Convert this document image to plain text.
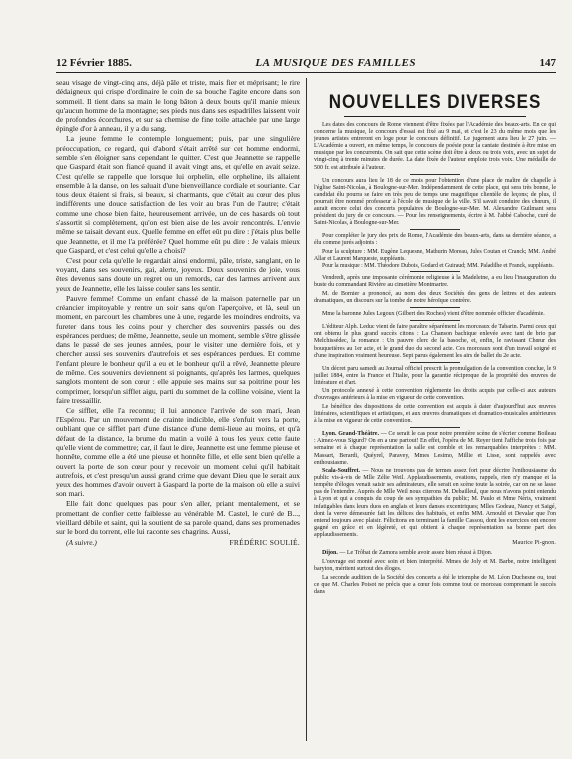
12 Février 1885.	LA MUSIQUE DES FAMILLES	147

seau visage de vingt-cinq ans, déjà pâle et triste, mais fier et méprisant; le rire dédaigneux qui crispe d'ordinaire le coin de sa bouche l'agite encore dans son sommeil. Il tient dans sa main le long bâton à deux bouts qu'il manie mieux qu'aucun homme de la montagne; ses pieds nus dans ses espadrilles laissent voir de profondes écorchures, et sur sa chemise de fine toile attachée par une large épingle d'or à anneau, il y a du sang.

La jeune femme le contemple longuement; puis, par une singulière préoccupation, ce regard, qui d'abord s'était arrêté sur cet homme endormi, semble s'en éloigner sans cependant le quitter. C'est que Jeannette se rappelle que Gaspard était son fiancé quand il avait vingt ans, et qu'elle en avait seize. C'est qu'elle se rappelle que lorsque lui orphelin, elle orpheline, ils allaient ensemble à la danse, on les saluait d'une bienveillance cordiale et souriante. Car tous deux étaient si frais, si beaux, si charmants, que c'était au cœur des plus indifférents une douce satisfaction de les voir au bras l'un de l'autre; c'était comme une chose bien faite, heureusement arrivée, un de ces hasards où tout s'assortit si complètement, qu'on est bien aise de les avoir rencontrés. L'envie même se taisait devant eux. Quelle femme en effet eût pu dire : j'étais plus belle que Jeannette, et il me l'a préférée? Quel homme eût pu dire : Je valais mieux que Gaspard, et c'est celui qu'elle a choisi?

C'est pour cela qu'elle le regardait ainsi endormi, pâle, triste, sanglant, en le voyant, dans ses souvenirs, gai, alerte, joyeux. Doux souvenirs de joie, vous êtes devenus sans doute un regret ou un remords, car des larmes arrivent aux yeux de Jeannette, elle les laisse couler sans les sentir.

Pauvre femme! Comme un enfant chassé de la maison paternelle par un créancier impitoyable y rentre un soir sans qu'on l'aperçoive, et là, seul un moment, en parcourt les chambres une à une, regarde les moindres endroits, va fureter dans tous les coins pour y chercher des souvenirs passés ou des espérances perdues; de même, Jeannette, seule un moment, semble s'être glissée dans le passé de ses jeunes années, pour le visiter une dernière fois, et y chercher aussi ses souvenirs d'autrefois et ses espérances perdues. Et comme l'enfant pleure le bonheur qu'il a eu et le bonheur qu'il a rêvé, Jeannette pleure de même. Ces souvenirs deviennent si poignants, qu'après les larmes, quelques sanglots montent de son cœur : elle appuie ses mains sur sa poitrine pour les comprimer, lorsqu'un sifflet aigu, parti du sommet de la colline voisine, vient la faire tressaillir.

Ce sifflet, elle l'a reconnu; il lui annonce l'arrivée de son mari, Jean l'Espérou. Par un mouvement de crainte indicible, elle s'enfuit vers la porte, oubliant que ce sifflet part d'une distance d'une demi-lieue au moins, et qu'à défaut de la distance, la brume du matin a voilé à tous les yeux cette faute qu'elle vient de commettre; car, il faut le dire, Jeannette est une femme pieuse et honnête, comme elle a été une pieuse et honnête fille, et elle sent bien qu'elle a ouvert la porte de son cœur pour y recevoir un moment celui qu'il habitait autrefois, et c'est presqu'un aussi grand crime que devant Dieu que le serait aux yeux des hommes d'avoir ouvert à Gaspard la porte de la maison où elle a suivi son mari.

Elle fait donc quelques pas pour s'en aller, priant mentalement, et se promettant de confier cette faiblesse au vénérable M. Castel, le curé de B..., vieillard débile et saint, qui la soutient de sa parole quand, dans ses promenades sur le bord du torrent, elle lui raconte ses chagrins. Aussi,

(A suivre.)	FRÉDÉRIC SOULIÉ.
NOUVELLES DIVERSES

Les dates des concours de Rome viennent d'être fixées par l'Académie des beaux-arts. En ce qui concerne la musique, le concours d'essai est fixé au 9 mai, et c'est le 23 du même mois que les jeunes artistes entreront en loge pour le concours définitif. Le jugement aura lieu le 27 juin. — L'Académie a ouvert, en même temps, le concours de poésie pour la cantate destinée à être mise en musique par les concurrents. On sait que cette scène doit être à deux ou trois voix, avec un sujet de vingt-cinq à trente minutes de durée. La date fixée de l'auteur emploie trois voix. Une médaille de 500 fr. est attribuée à l'auteur.

Un concours aura lieu le 18 de ce mois pour l'obtention d'une place de maître de chapelle à l'église Saint-Nicolas, à Boulogne-sur-Mer. Indépendamment de cette place, qui sera très bonne, le candidat élu pourra se faire en très peu de temps une magnifique clientèle de leçons; de plus, il pourrait être nommé professeur à l'école de musique de la ville. S'il savait conduire des chœurs, il aurait encore celui des concerts populaires de Boulogne-sur-Mer. M. Alexandre Guilmant sera président du jury de ce concours. — Pour les renseignements, écrire à M. l'abbé Caboche, curé de Saint-Nicolas, à Boulogne-sur-Mer.

Pour compléter le jury des prix de Rome, l'Académie des beaux-arts, dans sa dernière séance, a élu comme jurés adjoints :

Pour la sculpture : MM. Eugène Lequesne, Mathurin Moreau, Jules Coutan et Cranck; MM. André Allar et Laurent Marqueste, suppléants.

Pour la musique : MM. Théodore Dubois, Godard et Guiraud; MM. Paladilhe et Franck, suppléants.

Vendredi, après une imposante cérémonie religieuse à la Madeleine, a eu lieu l'inauguration du buste du commandant Rivière au cimetière Montmartre.

M. de Bornier a prononcé, au nom des deux Sociétés des gens de lettres et des auteurs dramatiques, un discours sur la tombe de notre héroïque contrère.

Mme la baronne Jules Legoux (Gilbert des Roches) vient d'être nommée officier d'académie.

L'éditeur Alph. Leduc vient de faire paraître séparément les morceaux de Tabarin. Parmi ceux qui ont obtenu le plus grand succès citons : La Chanson bachique enlevée avec tant de brio par Melchissédec, la romance : Un pauvre clerc de la basoche, et, enfin, le ravissant Chœur des bouquetières au 1er acte, et le grand duo du second acte. Ces morceaux sont d'un travail soigné et d'une inspiration vraiment heureuse. Sept parus également les airs de ballet du 2e acte.

Un décret paru samedi au Journal officiel prescrit la promulgation de la convention conclue, le 9 juillet 1884, entre la France et l'Italie, pour la garantie réciproque de la propriété des œuvres de littérature et d'art.

Un protocole annexé à cette convention règlemente les droits acquis par celle-ci aux auteurs d'ouvrages antérieurs à la mise en vigueur de cette convention.

Le bénéfice des dispositions de cette convention est acquis à dater d'aujourd'hui aux œuvres littéraires, scientifiques et artistiques, et aux œuvres dramatiques et dramatico-musicales antérieures à la mise en vigueur de cette convention.

Lyon. Grand-Théâtre. — Ce serait le cas pour notre première scène de s'écrier comme Boileau : Aimez-vous Sigurd? On en a une partout! En effet, l'opéra de M. Reyer tient l'affiche trois fois par semaine et à chaque représentation la salle est comble et les remarquables interprètes : MM. Massart, Berardi, Quéyrel, Paravey, Mmes Lesimo, Millie et Lisse, sont rappelés avec enthousiasme.

Scala-Souffret. — Nous ne trouvons pas de termes assez fort pour décrire l'enthousiasme du public vis-à-vis de Mlle Zélie Weil. Applaudissements, ovations, rappels, rien n'y manque et la tempête d'éloges venait saisir ses admirateurs, elle serait en scène toute la soirée, car on ne se lasse pas de l'entendre. Auprès de Mlle Weil nous citerons M. Debailleul, que nous n'avons point entendu à Lyon et qui a conquis du coup de ses sympathies du public; M. Paulo et Mme Néris, vraiment infatigables dans leurs duos en anglais et leurs danses excentriques; Mlles Godeau, Nancy et Saigé, dont la verve démesurée fait les délices des habitués, et enfin MM. Arnould et Devalar que l'on entend toujours avec plaisir. Félicitons en terminant la famille Cassou, dont les exercices ont encore gagné en grâce et en légèreté, et qui obtient à chaque représentation sa bonne part des applaudissements.

Maurice Pi-gnon.

Dijon. — Le Trôbat de Zamora semble avoir assez bien réussi à Dijon.

L'ouvrage est monté avec soin et bien interprété. Mmes de Joly et M. Barbe, notre intelligent baryton, méritent surtout des éloges.

La seconde audition de la Société des concerts a été le triomphe de M. Léon Duchesne ou, tout ce que M. Charles Poisot ne précis que a cœur fois comme tout ce morceau comprenant le succès dans
